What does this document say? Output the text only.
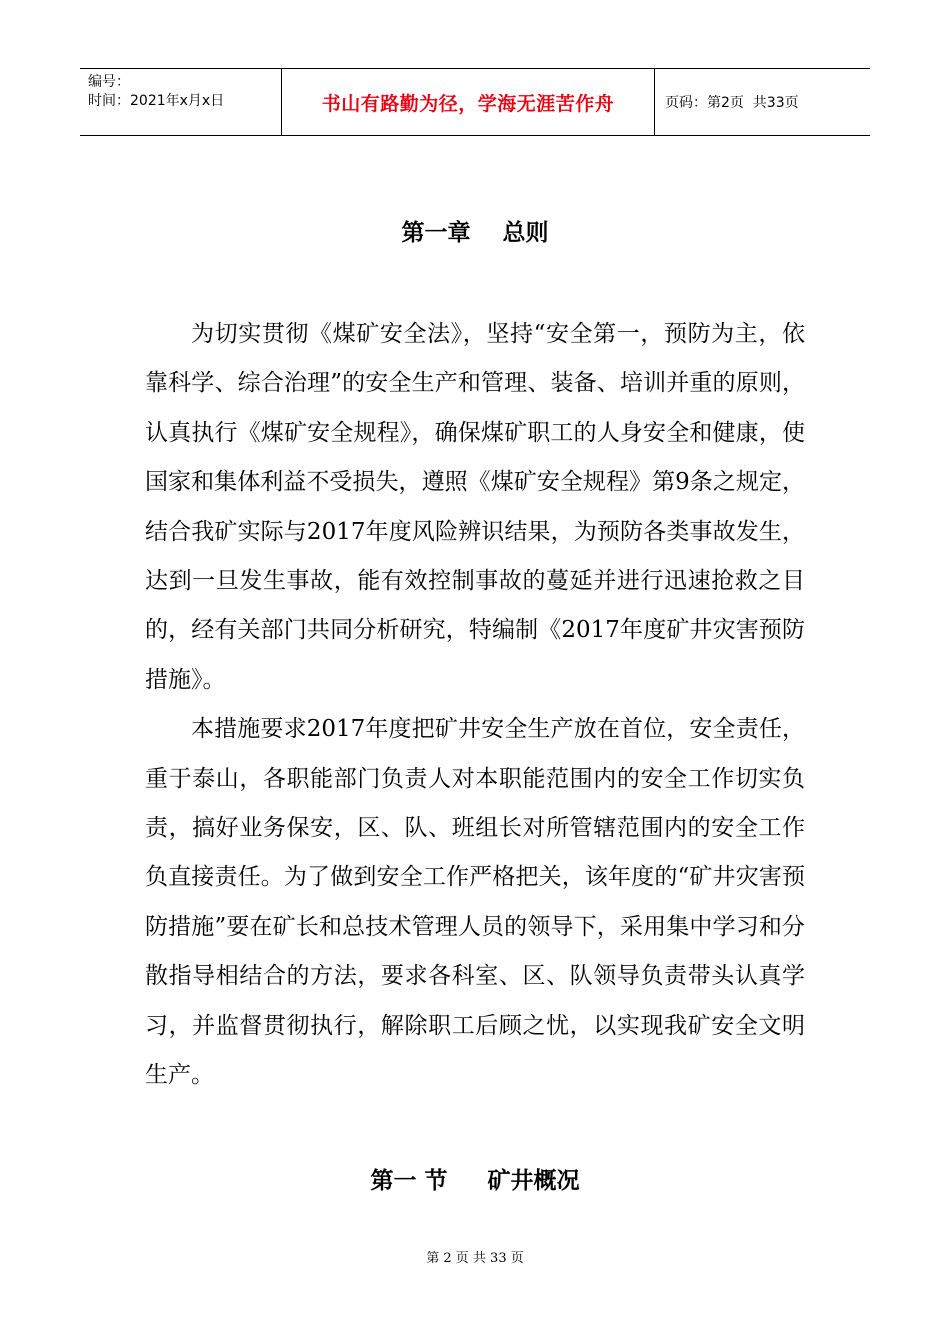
编号：
时间：2021年x月x日	书山有路勤为径，学海无涯苦作舟	页码：第2页  共33页
第一章    总则

为切实贯彻《煤矿安全法》，坚持“安全第一，预防为主，依靠科学、综合治理”的安全生产和管理、装备、培训并重的原则，认真执行《煤矿安全规程》，确保煤矿职工的人身安全和健康，使国家和集体利益不受损失，遵照《煤矿安全规程》第9条之规定，结合我矿实际与2017年度风险辨识结果，为预防各类事故发生，达到一旦发生事故，能有效控制事故的蔓延并进行迅速抢救之目的，经有关部门共同分析研究，特编制《2017年度矿井灾害预防措施》。

本措施要求2017年度把矿井安全生产放在首位，安全责任，重于泰山，各职能部门负责人对本职能范围内的安全工作切实负责，搞好业务保安，区、队、班组长对所管辖范围内的安全工作负直接责任。为了做到安全工作严格把关，该年度的“矿井灾害预防措施”要在矿长和总技术管理人员的领导下，采用集中学习和分散指导相结合的方法，要求各科室、区、队领导负责带头认真学习，并监督贯彻执行，解除职工后顾之忧，以实现我矿安全文明生产。

第一 节     矿井概况
第 2 页 共 33 页
